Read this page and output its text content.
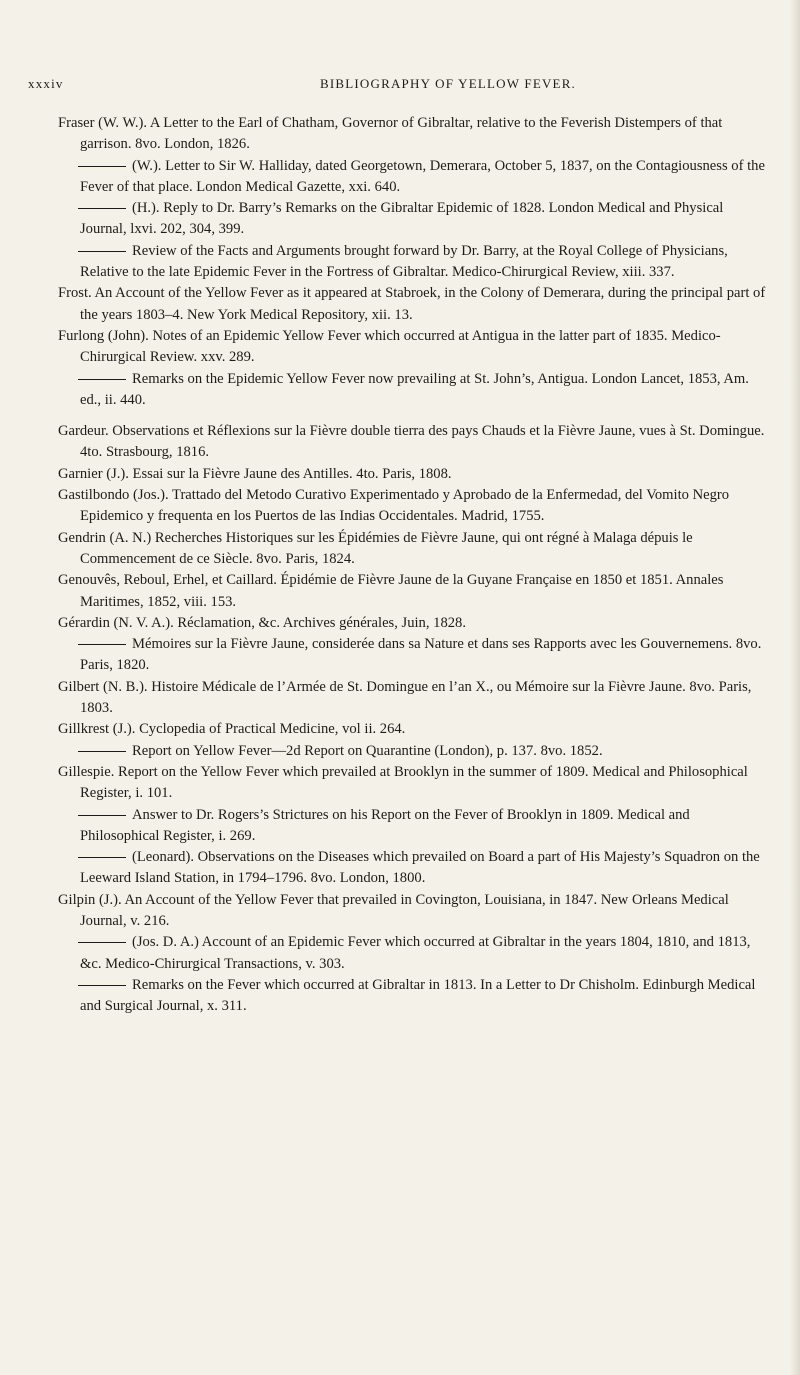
xxxiv	BIBLIOGRAPHY OF YELLOW FEVER.

Fraser (W. W.). A Letter to the Earl of Chatham, Governor of Gibraltar, relative to the Feverish Distempers of that garrison. 8vo. London, 1826.

(W.). Letter to Sir W. Halliday, dated Georgetown, Demerara, October 5, 1837, on the Contagiousness of the Fever of that place. London Medical Gazette, xxi. 640.

(H.). Reply to Dr. Barry’s Remarks on the Gibraltar Epidemic of 1828. London Medical and Physical Journal, lxvi. 202, 304, 399.

Review of the Facts and Arguments brought forward by Dr. Barry, at the Royal College of Physicians, Relative to the late Epidemic Fever in the Fortress of Gibraltar. Medico-Chirurgical Review, xiii. 337.

Frost. An Account of the Yellow Fever as it appeared at Stabroek, in the Colony of Demerara, during the principal part of the years 1803–4. New York Medical Repository, xii. 13.

Furlong (John). Notes of an Epidemic Yellow Fever which occurred at Antigua in the latter part of 1835. Medico-Chirurgical Review. xxv. 289.

Remarks on the Epidemic Yellow Fever now prevailing at St. John’s, Antigua. London Lancet, 1853, Am. ed., ii. 440.

Gardeur. Observations et Réflexions sur la Fièvre double tierra des pays Chauds et la Fièvre Jaune, vues à St. Domingue. 4to. Strasbourg, 1816.

Garnier (J.). Essai sur la Fièvre Jaune des Antilles. 4to. Paris, 1808.

Gastilbondo (Jos.). Trattado del Metodo Curativo Experimentado y Aprobado de la Enfermedad, del Vomito Negro Epidemico y frequenta en los Puertos de las Indias Occidentales. Madrid, 1755.

Gendrin (A. N.) Recherches Historiques sur les Épidémies de Fièvre Jaune, qui ont régné à Malaga dépuis le Commencement de ce Siècle. 8vo. Paris, 1824.

Genouvês, Reboul, Erhel, et Caillard. Épidémie de Fièvre Jaune de la Guyane Française en 1850 et 1851. Annales Maritimes, 1852, viii. 153.

Gérardin (N. V. A.). Réclamation, &c. Archives générales, Juin, 1828.

Mémoires sur la Fièvre Jaune, considerée dans sa Nature et dans ses Rapports avec les Gouvernemens. 8vo. Paris, 1820.

Gilbert (N. B.). Histoire Médicale de l’Armée de St. Domingue en l’an X., ou Mémoire sur la Fièvre Jaune. 8vo. Paris, 1803.

Gillkrest (J.). Cyclopedia of Practical Medicine, vol ii. 264.

Report on Yellow Fever—2d Report on Quarantine (London), p. 137. 8vo. 1852.

Gillespie. Report on the Yellow Fever which prevailed at Brooklyn in the summer of 1809. Medical and Philosophical Register, i. 101.

Answer to Dr. Rogers’s Strictures on his Report on the Fever of Brooklyn in 1809. Medical and Philosophical Register, i. 269.

(Leonard). Observations on the Diseases which prevailed on Board a part of His Majesty’s Squadron on the Leeward Island Station, in 1794–1796. 8vo. London, 1800.

Gilpin (J.). An Account of the Yellow Fever that prevailed in Covington, Louisiana, in 1847. New Orleans Medical Journal, v. 216.

(Jos. D. A.) Account of an Epidemic Fever which occurred at Gibraltar in the years 1804, 1810, and 1813, &c. Medico-Chirurgical Transactions, v. 303.

Remarks on the Fever which occurred at Gibraltar in 1813. In a Letter to Dr Chisholm. Edinburgh Medical and Surgical Journal, x. 311.
